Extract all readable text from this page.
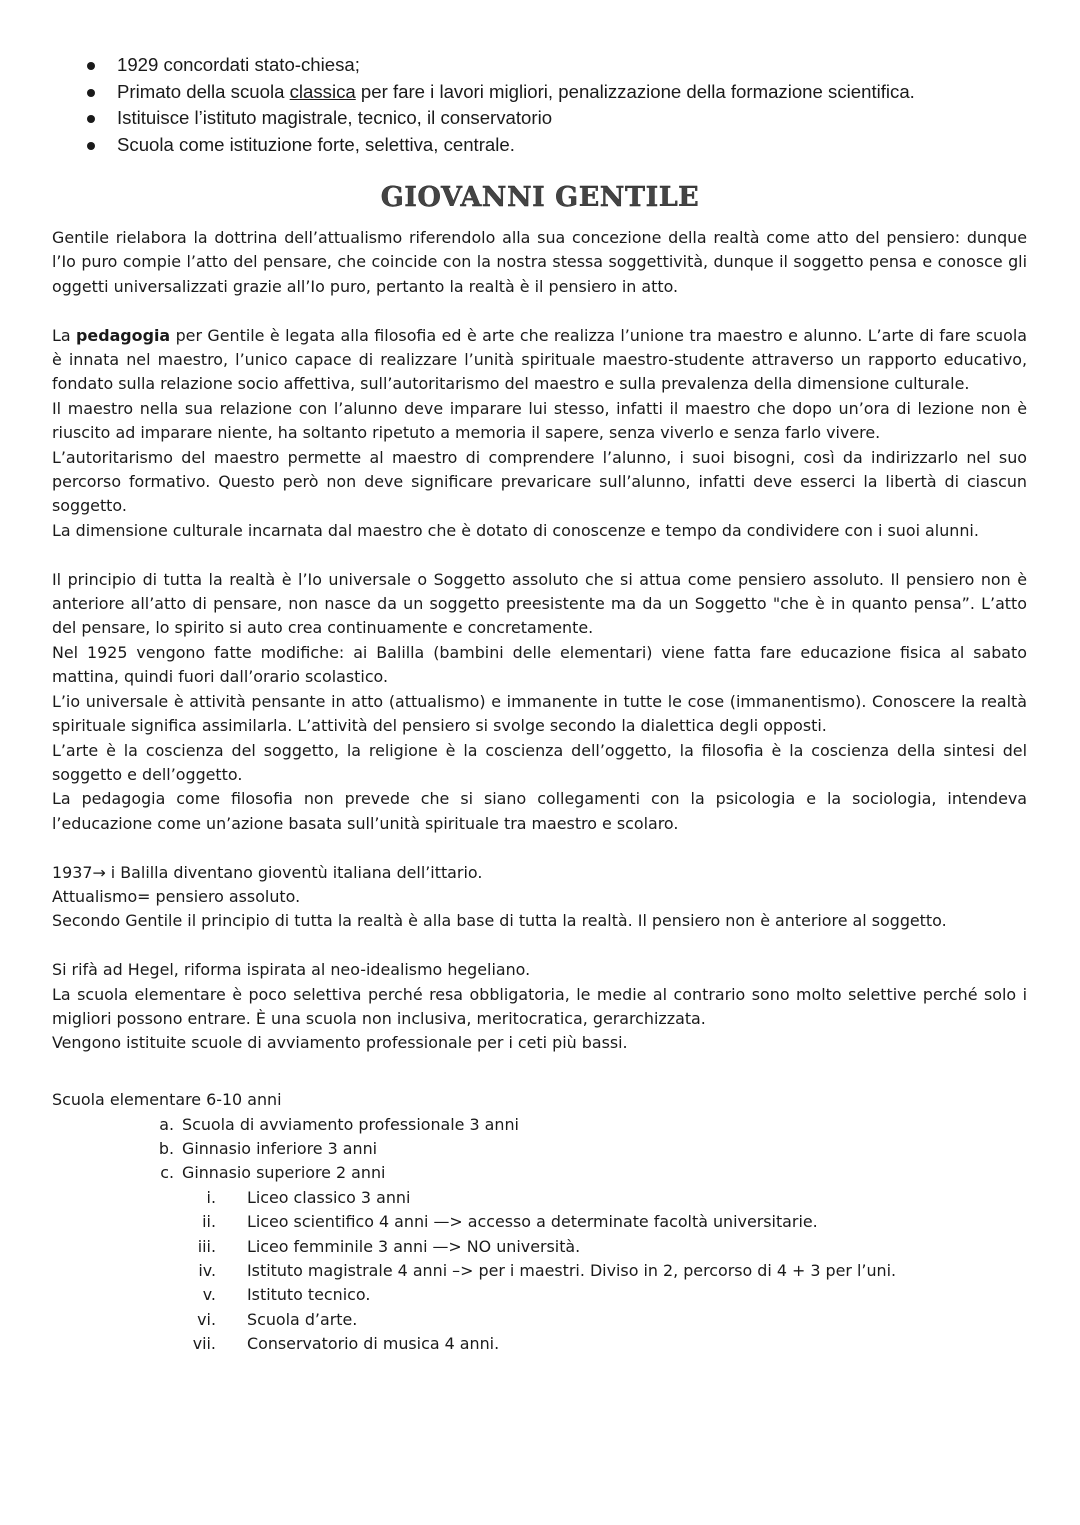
1929 concordati stato-chiesa;
Primato della scuola classica per fare i lavori migliori, penalizzazione della formazione scientifica.
Istituisce l’istituto magistrale, tecnico, il conservatorio
Scuola come istituzione forte, selettiva, centrale.
GIOVANNI GENTILE

Gentile rielabora la dottrina dell’attualismo riferendolo alla sua concezione della realtà come atto del pensiero: dunque l’Io puro compie l’atto del pensare, che coincide con la nostra stessa soggettività, dunque il soggetto pensa e conosce gli oggetti universalizzati grazie all’Io puro, pertanto la realtà è il pensiero in atto.

La pedagogia per Gentile è legata alla filosofia ed è arte che realizza l’unione tra maestro e alunno. L’arte di fare scuola è innata nel maestro, l’unico capace di realizzare l’unità spirituale maestro-studente attraverso un rapporto educativo, fondato sulla relazione socio affettiva, sull’autoritarismo del maestro e sulla prevalenza della dimensione culturale.

Il maestro nella sua relazione con l’alunno deve imparare lui stesso, infatti il maestro che dopo un’ora di lezione non è riuscito ad imparare niente, ha soltanto ripetuto a memoria il sapere, senza viverlo e senza farlo vivere.

L’autoritarismo del maestro permette al maestro di comprendere l’alunno, i suoi bisogni, così da indirizzarlo nel suo percorso formativo. Questo però non deve significare prevaricare sull’alunno, infatti deve esserci la libertà di ciascun soggetto.

La dimensione culturale incarnata dal maestro che è dotato di conoscenze e tempo da condividere con i suoi alunni.

Il principio di tutta la realtà è l’Io universale o Soggetto assoluto che si attua come pensiero assoluto. Il pensiero non è anteriore all’atto di pensare, non nasce da un soggetto preesistente ma da un Soggetto "che è in quanto pensa”. L’atto del pensare, lo spirito si auto crea continuamente e concretamente.

Nel 1925 vengono fatte modifiche: ai Balilla (bambini delle elementari) viene fatta fare educazione fisica al sabato mattina, quindi fuori dall’orario scolastico.

L’io universale è attività pensante in atto (attualismo) e immanente in tutte le cose (immanentismo). Conoscere la realtà spirituale significa assimilarla. L’attività del pensiero si svolge secondo la dialettica degli opposti.

L’arte è la coscienza del soggetto, la religione è la coscienza dell’oggetto, la filosofia è la coscienza della sintesi del soggetto e dell’oggetto.

La pedagogia come filosofia non prevede che si siano collegamenti con la psicologia e la sociologia, intendeva l’educazione come un’azione basata sull’unità spirituale tra maestro e scolaro.

1937→ i Balilla diventano gioventù italiana dell’ittario.

Attualismo= pensiero assoluto.

Secondo Gentile il principio di tutta la realtà è alla base di tutta la realtà. Il pensiero non è anteriore al soggetto.

Si rifà ad Hegel, riforma ispirata al neo-idealismo hegeliano.

La scuola elementare è poco selettiva perché resa obbligatoria, le medie al contrario sono molto selettive perché solo i migliori possono entrare. È una scuola non inclusiva, meritocratica, gerarchizzata.

Vengono istituite scuole di avviamento professionale per i ceti più bassi.

Scuola elementare 6-10 anni

a. Scuola di avviamento professionale 3 anni
b. Ginnasio inferiore 3 anni
c. Ginnasio superiore 2 anni
i. Liceo classico 3 anni
ii. Liceo scientifico 4 anni —> accesso a determinate facoltà universitarie.
iii. Liceo femminile 3 anni —> NO università.
iv. Istituto magistrale 4 anni –> per i maestri. Diviso in 2, percorso di 4 + 3 per l’uni.
v. Istituto tecnico.
vi. Scuola d’arte.
vii. Conservatorio di musica 4 anni.
